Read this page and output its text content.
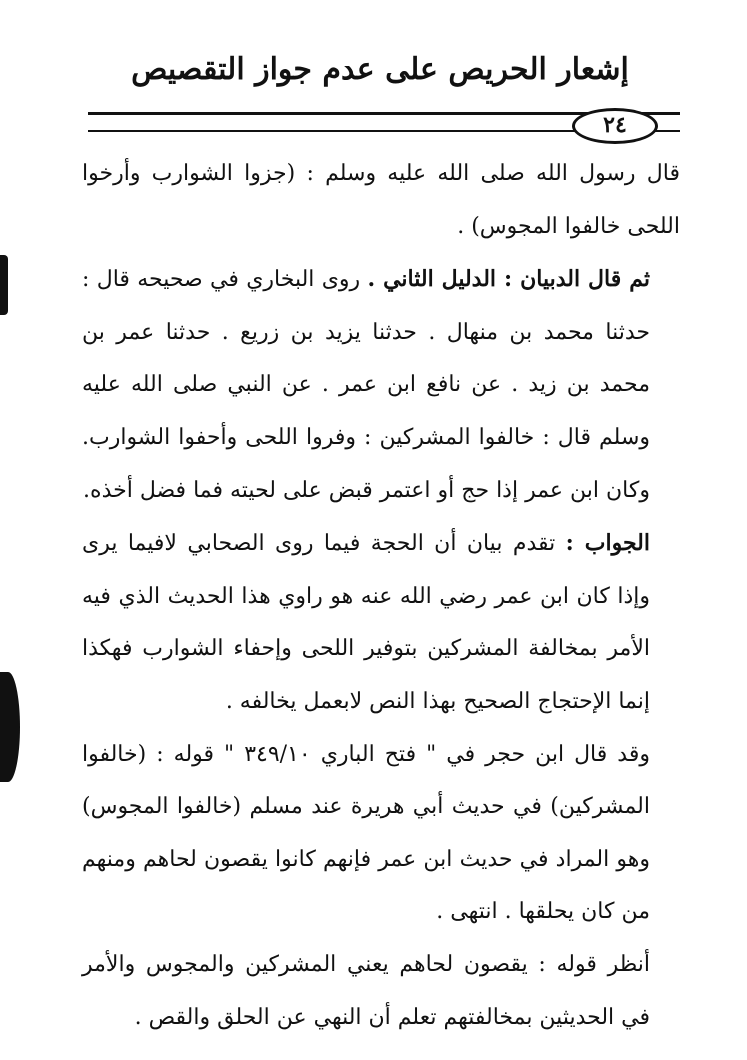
إشعار الحريص على عدم جواز التقصيص
٢٤

قال رسول الله صلى الله عليه وسلم : (جزوا الشوارب وأرخوا اللحى خالفوا المجوس) .

ثم قال الدبيان : الدليل الثاني . روى البخاري في صحيحه قال : حدثنا محمد بن منهال . حدثنا يزيد بن زريع . حدثنا عمر بن محمد بن زيد . عن نافع ابن عمر . عن النبي صلى الله عليه وسلم قال : خالفوا المشركين : وفروا اللحى وأحفوا الشوارب. وكان ابن عمر إذا حج أو اعتمر قبض على لحيته فما فضل أخذه.

الجواب : تقدم بيان أن الحجة فيما روى الصحابي لافيما يرى وإذا كان ابن عمر رضي الله عنه هو راوي هذا الحديث الذي فيه الأمر بمخالفة المشركين بتوفير اللحى وإحفاء الشوارب فهكذا إنما الإحتجاج الصحيح بهذا النص لابعمل يخالفه .

وقد قال ابن حجر في " فتح الباري ٣٤٩/١٠ " قوله : (خالفوا المشركين) في حديث أبي هريرة عند مسلم (خالفوا المجوس) وهو المراد في حديث ابن عمر فإنهم كانوا يقصون لحاهم ومنهم من كان يحلقها . انتهى .

أنظر قوله : يقصون لحاهم يعني المشركين والمجوس والأمر في الحديثين بمخالفتهم تعلم أن النهي عن الحلق والقص .
